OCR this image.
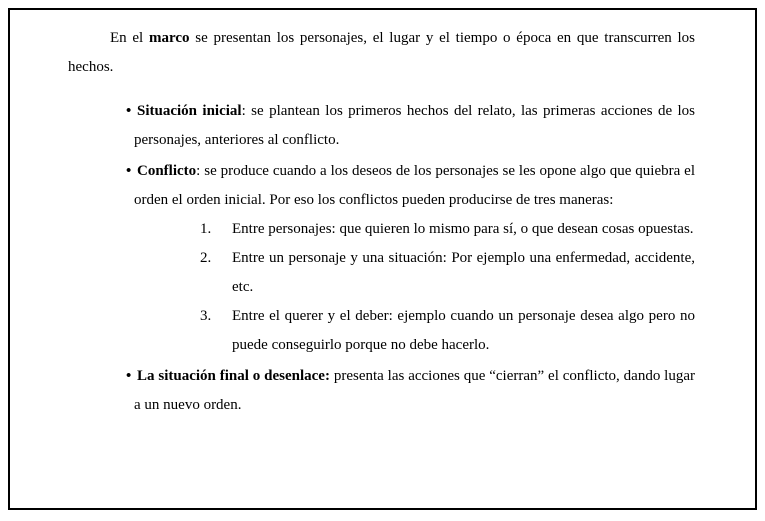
En el marco se presentan los personajes, el lugar y el tiempo o época en que transcurren los hechos.

• Situación inicial: se plantean los primeros hechos del relato, las primeras acciones de los personajes, anteriores al conflicto.
• Conflicto: se produce cuando a los deseos de los personajes se les opone algo que quiebra el orden el orden inicial. Por eso los conflictos pueden producirse de tres maneras:
1. Entre personajes: que quieren lo mismo para sí, o que desean cosas opuestas.
2. Entre un personaje y una situación: Por ejemplo una enfermedad, accidente, etc.
3. Entre el querer y el deber: ejemplo cuando un personaje desea algo pero no puede conseguirlo porque no debe hacerlo.
• La situación final o desenlace: presenta las acciones que “cierran” el conflicto, dando lugar a un nuevo orden.
